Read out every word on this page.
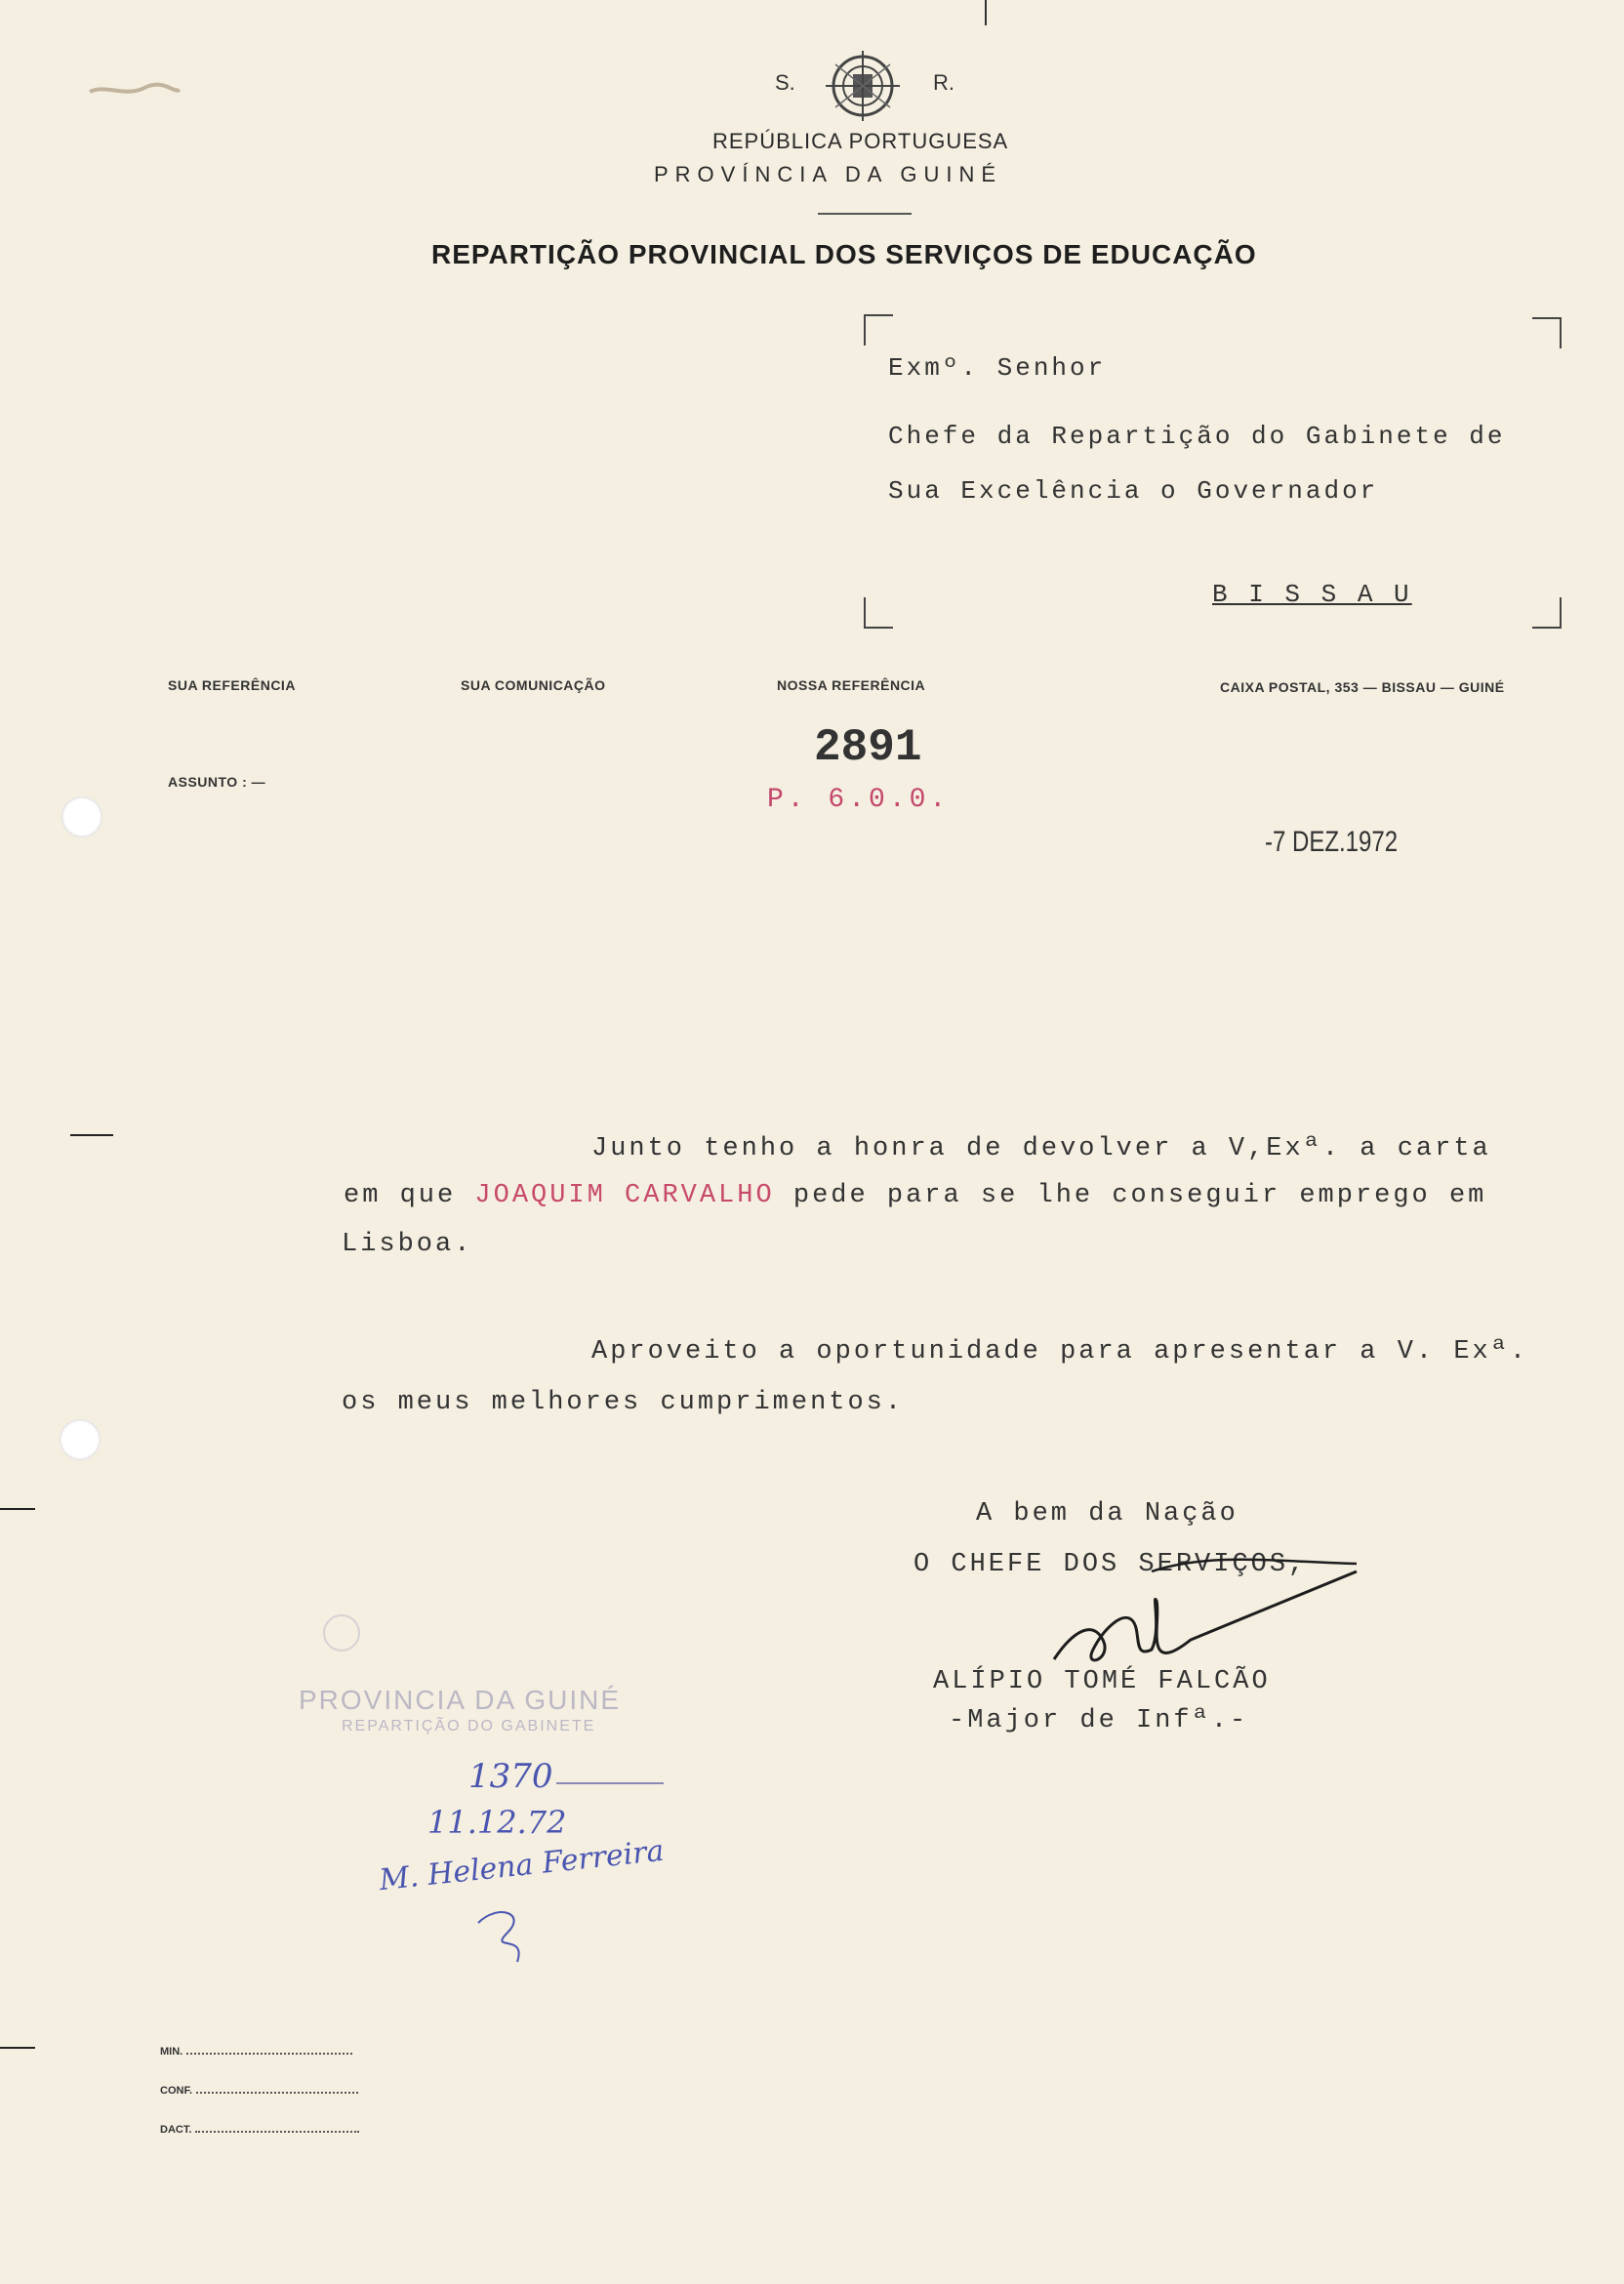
S.	R.
REPÚBLICA PORTUGUESA
PROVÍNCIA DA GUINÉ
REPARTIÇÃO PROVINCIAL DOS SERVIÇOS DE EDUCAÇÃO
Exmº. Senhor
Chefe da Repartição do Gabinete de
Sua Excelência o Governador
B I S S A U
SUA REFERÊNCIA	SUA COMUNICAÇÃO	NOSSA REFERÊNCIA	CAIXA POSTAL, 353 — BISSAU — GUINÉ
ASSUNTO : —
2891
P. 6.0.0.
-7 DEZ.1972
Junto tenho a honra de devolver a V,Exª. a carta
em que JOAQUIM CARVALHO pede para se lhe conseguir emprego em
Lisboa.
Aproveito a oportunidade para apresentar a V. Exª.
os meus melhores cumprimentos.
A bem da Nação
O CHEFE DOS SERVIÇOS,
ALÍPIO TOMÉ FALCÃO
-Major de Infª.-
PROVINCIA DA GUINÉ
REPARTIÇÃO DO GABINETE
1370
11.12.72
M. Helena Ferreira
MIN.
CONF.
DACT.
